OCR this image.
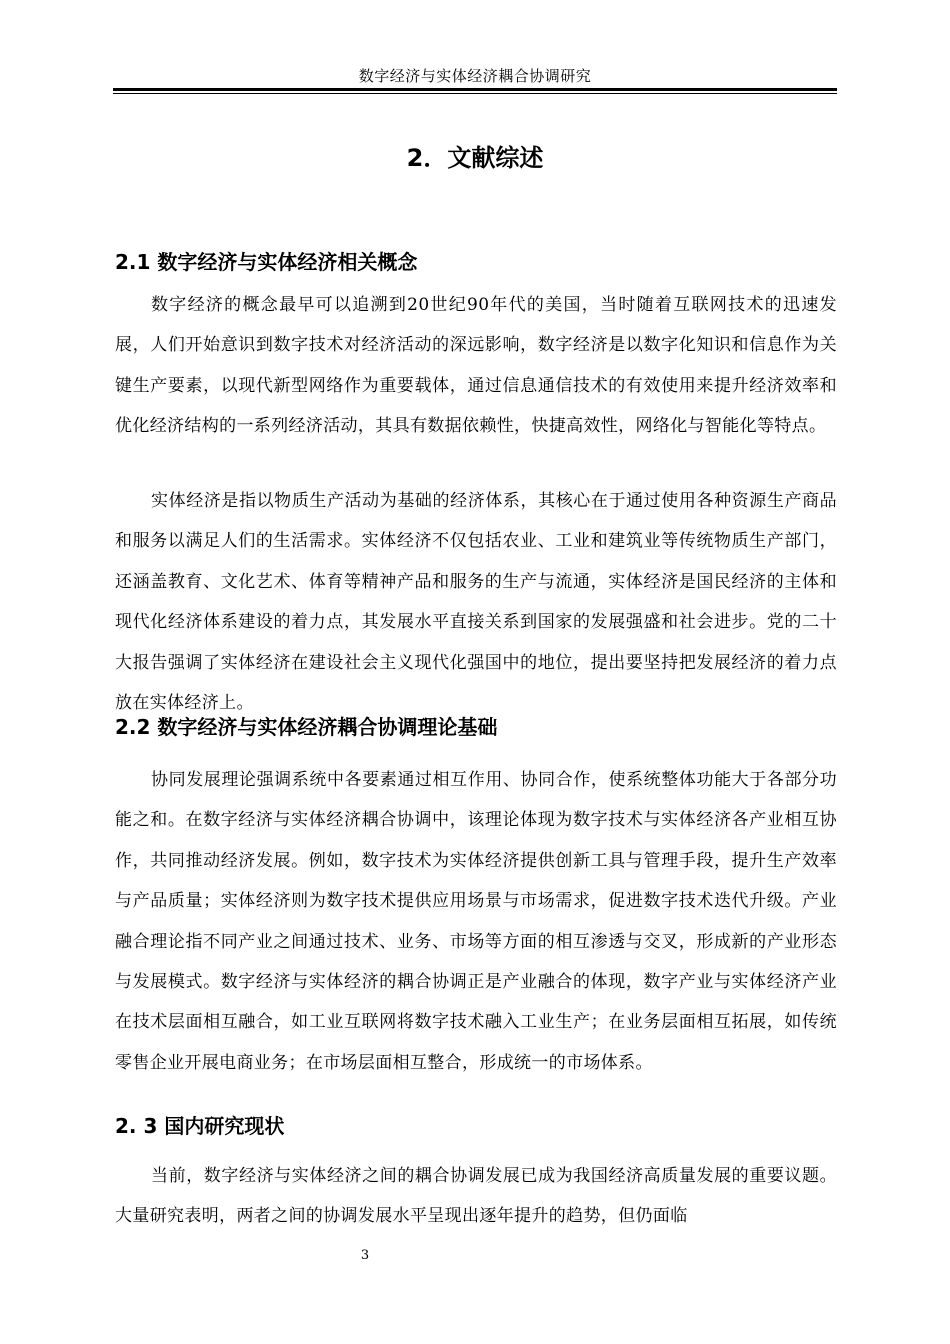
数字经济与实体经济耦合协调研究
2．文献综述
2.1 数字经济与实体经济相关概念

数字经济的概念最早可以追溯到20世纪90年代的美国，当时随着互联网技术的迅速发展，人们开始意识到数字技术对经济活动的深远影响，数字经济是以数字化知识和信息作为关键生产要素，以现代新型网络作为重要载体，通过信息通信技术的有效使用来提升经济效率和优化经济结构的一系列经济活动，其具有数据依赖性，快捷高效性，网络化与智能化等特点。

实体经济是指以物质生产活动为基础的经济体系，其核心在于通过使用各种资源生产商品和服务以满足人们的生活需求。实体经济不仅包括农业、工业和建筑业等传统物质生产部门，还涵盖教育、文化艺术、体育等精神产品和服务的生产与流通，实体经济是国民经济的主体和现代化经济体系建设的着力点，其发展水平直接关系到国家的发展强盛和社会进步。党的二十大报告强调了实体经济在建设社会主义现代化强国中的地位，提出要坚持把发展经济的着力点放在实体经济上。

2.2 数字经济与实体经济耦合协调理论基础

协同发展理论强调系统中各要素通过相互作用、协同合作，使系统整体功能大于各部分功能之和。在数字经济与实体经济耦合协调中，该理论体现为数字技术与实体经济各产业相互协作，共同推动经济发展。例如，数字技术为实体经济提供创新工具与管理手段，提升生产效率与产品质量；实体经济则为数字技术提供应用场景与市场需求，促进数字技术迭代升级。产业融合理论指不同产业之间通过技术、业务、市场等方面的相互渗透与交叉，形成新的产业形态与发展模式。数字经济与实体经济的耦合协调正是产业融合的体现，数字产业与实体经济产业在技术层面相互融合，如工业互联网将数字技术融入工业生产；在业务层面相互拓展，如传统零售企业开展电商业务；在市场层面相互整合，形成统一的市场体系。

2. 3 国内研究现状

当前，数字经济与实体经济之间的耦合协调发展已成为我国经济高质量发展的重要议题。大量研究表明，两者之间的协调发展水平呈现出逐年提升的趋势，但仍面临

3
